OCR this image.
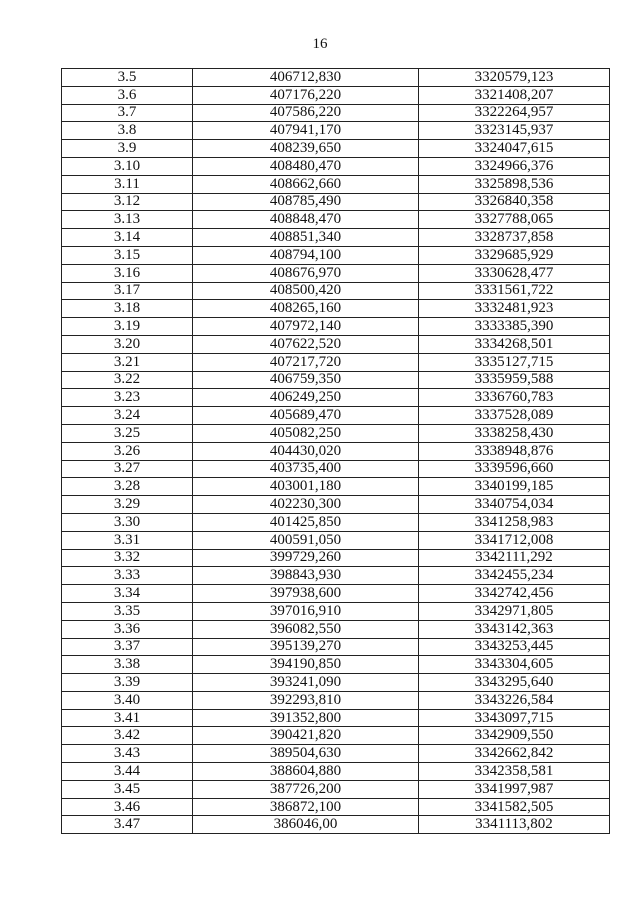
16
3.5	406712,830	3320579,123
3.6	407176,220	3321408,207
3.7	407586,220	3322264,957
3.8	407941,170	3323145,937
3.9	408239,650	3324047,615
3.10	408480,470	3324966,376
3.11	408662,660	3325898,536
3.12	408785,490	3326840,358
3.13	408848,470	3327788,065
3.14	408851,340	3328737,858
3.15	408794,100	3329685,929
3.16	408676,970	3330628,477
3.17	408500,420	3331561,722
3.18	408265,160	3332481,923
3.19	407972,140	3333385,390
3.20	407622,520	3334268,501
3.21	407217,720	3335127,715
3.22	406759,350	3335959,588
3.23	406249,250	3336760,783
3.24	405689,470	3337528,089
3.25	405082,250	3338258,430
3.26	404430,020	3338948,876
3.27	403735,400	3339596,660
3.28	403001,180	3340199,185
3.29	402230,300	3340754,034
3.30	401425,850	3341258,983
3.31	400591,050	3341712,008
3.32	399729,260	3342111,292
3.33	398843,930	3342455,234
3.34	397938,600	3342742,456
3.35	397016,910	3342971,805
3.36	396082,550	3343142,363
3.37	395139,270	3343253,445
3.38	394190,850	3343304,605
3.39	393241,090	3343295,640
3.40	392293,810	3343226,584
3.41	391352,800	3343097,715
3.42	390421,820	3342909,550
3.43	389504,630	3342662,842
3.44	388604,880	3342358,581
3.45	387726,200	3341997,987
3.46	386872,100	3341582,505
3.47	386046,00	3341113,802
